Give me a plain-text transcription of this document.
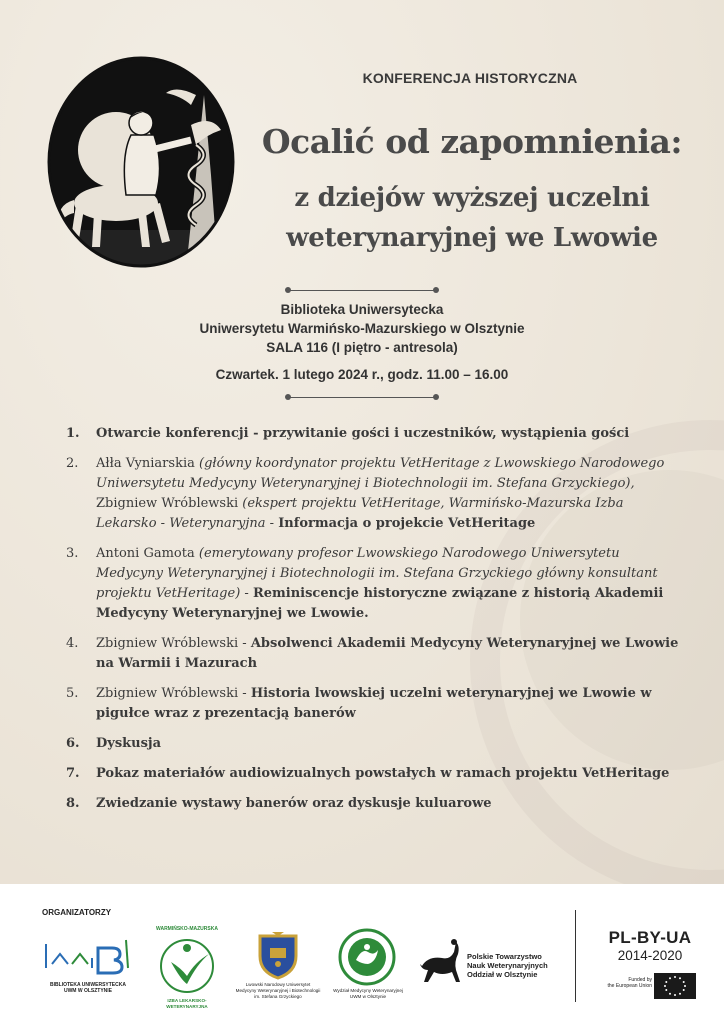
KONFERENCJA HISTORYCZNA
Ocalić od zapomnienia:
z dziejów wyższej uczelni
weterynaryjnej we Lwowie
Biblioteka Uniwersytecka
Uniwersytetu Warmińsko-Mazurskiego w Olsztynie
SALA 116 (I piętro - antresola)
Czwartek. 1 lutego 2024 r., godz. 11.00 – 16.00
1. Otwarcie konferencji - przywitanie gości i uczestników, wystąpienia gości
2. Ałła Vyniarskia (główny koordynator projektu VetHeritage z Lwowskiego Narodowego Uniwersytetu Medycyny Weterynaryjnej i Biotechnologii im. Stefana Grzyckiego),
Zbigniew Wróblewski (ekspert projektu VetHeritage, Warmińsko-Mazurska Izba Lekarsko - Weterynaryjna - Informacja o projekcie VetHeritage
3. Antoni Gamota (emerytowany profesor Lwowskiego Narodowego Uniwersytetu Medycyny Weterynaryjnej i Biotechnologii im. Stefana Grzyckiego główny konsultant projektu VetHeritage) - Reminiscencje historyczne związane z historią Akademii Medycyny Weterynaryjnej we Lwowie.
4. Zbigniew Wróblewski - Absolwenci Akademii Medycyny Weterynaryjnej we Lwowie na Warmii i Mazurach
5. Zbigniew Wróblewski - Historia lwowskiej uczelni weterynaryjnej we Lwowie w pigułce wraz z prezentacją banerów
6. Dyskusja
7. Pokaz materiałów audiowizualnych powstałych w ramach projektu VetHeritage
8. Zwiedzanie wystawy banerów oraz dyskusje kuluarowe
ORGANIZATORZY
BIBLIOTEKA UNIWERSYTECKA
UWM W OLSZTYNIE
WARMIŃSKO-MAZURSKA
IZBA LEKARSKO-WETERYNARYJNA
Lwowski Narodowy Uniwersytet
Medycyny Weterynaryjnej i Biotechnologii
im. Stefana Grzyckiego
Wydział Medycyny Weterynaryjnej
UWM w Olsztynie
Polskie Towarzystwo
Nauk Weterynaryjnych
Oddział w Olsztynie
PL-BY-UA
2014-2020
Funded by
the European Union
